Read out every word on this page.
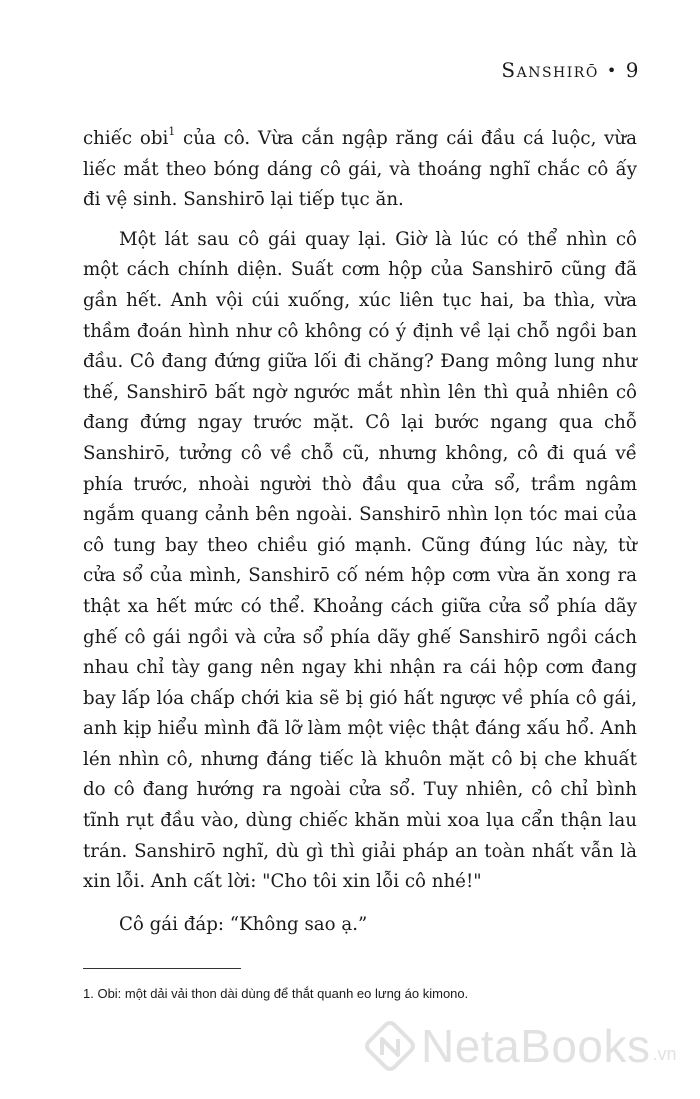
Sanshirō • 9

chiếc obi$^1$ của cô. Vừa cắn ngập răng cái đầu cá luộc, vừa liếc mắt theo bóng dáng cô gái, và thoáng nghĩ chắc cô ấy đi vệ sinh. Sanshirō lại tiếp tục ăn.

Một lát sau cô gái quay lại. Giờ là lúc có thể nhìn cô một cách chính diện. Suất cơm hộp của Sanshirō cũng đã gần hết. Anh vội cúi xuống, xúc liên tục hai, ba thìa, vừa thầm đoán hình như cô không có ý định về lại chỗ ngồi ban đầu. Cô đang đứng giữa lối đi chăng? Đang mông lung như thế, Sanshirō bất ngờ ngước mắt nhìn lên thì quả nhiên cô đang đứng ngay trước mặt. Cô lại bước ngang qua chỗ Sanshirō, tưởng cô về chỗ cũ, nhưng không, cô đi quá về phía trước, nhoài người thò đầu qua cửa sổ, trầm ngâm ngắm quang cảnh bên ngoài. Sanshirō nhìn lọn tóc mai của cô tung bay theo chiều gió mạnh. Cũng đúng lúc này, từ cửa sổ của mình, Sanshirō cố ném hộp cơm vừa ăn xong ra thật xa hết mức có thể. Khoảng cách giữa cửa sổ phía dãy ghế cô gái ngồi và cửa sổ phía dãy ghế Sanshirō ngồi cách nhau chỉ tày gang nên ngay khi nhận ra cái hộp cơm đang bay lấp lóa chấp chới kia sẽ bị gió hất ngược về phía cô gái, anh kịp hiểu mình đã lỡ làm một việc thật đáng xấu hổ. Anh lén nhìn cô, nhưng đáng tiếc là khuôn mặt cô bị che khuất do cô đang hướng ra ngoài cửa sổ. Tuy nhiên, cô chỉ bình tĩnh rụt đầu vào, dùng chiếc khăn mùi xoa lụa cẩn thận lau trán. Sanshirō nghĩ, dù gì thì giải pháp an toàn nhất vẫn là xin lỗi. Anh cất lời: "Cho tôi xin lỗi cô nhé!"

Cô gái đáp: “Không sao ạ.”

1. Obi: một dải vải thon dài dùng để thắt quanh eo lưng áo kimono.
NetaBooks .vn
